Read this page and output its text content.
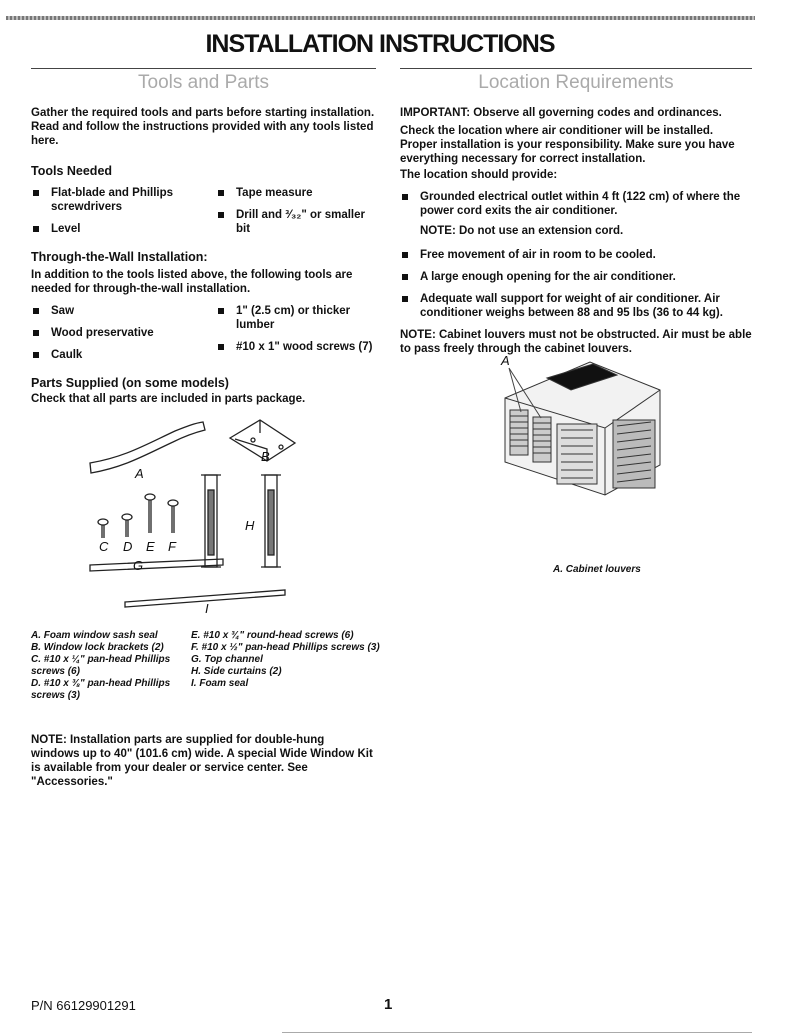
INSTALLATION INSTRUCTIONS
Tools and Parts

Gather the required tools and parts before starting installation. Read and follow the instructions provided with any tools listed here.

Tools Needed
Flat-blade and Phillips screwdrivers
Level
Tape measure
Drill and ³⁄₃₂" or smaller bit
Through-the-Wall Installation:

In addition to the tools listed above, the following tools are needed for through-the-wall installation.

Saw
Wood preservative
Caulk
1" (2.5 cm) or thicker lumber
#10 x 1" wood screws (7)
Parts Supplied (on some models)

Check that all parts are included in parts package.

A
B
C D E F
G
H
I
A. Foam window sash seal
B. Window lock brackets (2)
C. #10 x ¼" pan-head Phillips screws (6)
D. #10 x ⅜" pan-head Phillips screws (3)
E. #10 x ¾" round-head screws (6)
F. #10 x ½" pan-head Phillips screws (3)
G. Top channel
H. Side curtains (2)
I. Foam seal
NOTE: Installation parts are supplied for double-hung windows up to 40" (101.6 cm) wide. A special Wide Window Kit is available from your dealer or service center. See "Accessories."
Location Requirements

IMPORTANT: Observe all governing codes and ordinances.

Check the location where air conditioner will be installed. Proper installation is your responsibility. Make sure you have everything necessary for correct installation.

The location should provide:

Grounded electrical outlet within 4 ft (122 cm) of where the power cord exits the air conditioner.

NOTE: Do not use an extension cord.

Free movement of air in room to be cooled.
A large enough opening for the air conditioner.
Adequate wall support for weight of air conditioner. Air conditioner weighs between 88 and 95 lbs (36 to 44 kg).

NOTE: Cabinet louvers must not be obstructed. Air must be able to pass freely through the cabinet louvers.

A
A. Cabinet louvers
P/N 66129901291	1
